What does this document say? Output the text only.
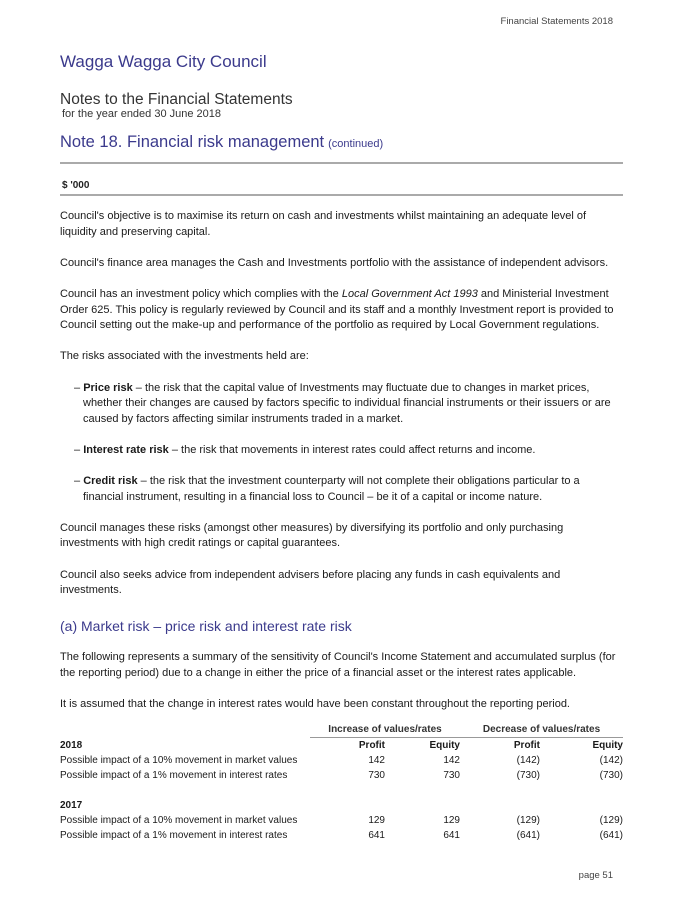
Financial Statements 2018
Wagga Wagga City Council
Notes to the Financial Statements
for the year ended 30 June 2018
Note 18. Financial risk management (continued)
$ '000

Council's objective is to maximise its return on cash and investments whilst maintaining an adequate level of liquidity and preserving capital.

Council's finance area manages the Cash and Investments portfolio with the assistance of independent advisors.

Council has an investment policy which complies with the Local Government Act 1993 and Ministerial Investment Order 625. This policy is regularly reviewed by Council and its staff and a monthly Investment report is provided to Council setting out the make-up and performance of the portfolio as required by Local Government regulations.

The risks associated with the investments held are:

– Price risk – the risk that the capital value of Investments may fluctuate due to changes in market prices, whether their changes are caused by factors specific to individual financial instruments or their issuers or are caused by factors affecting similar instruments traded in a market.
– Interest rate risk – the risk that movements in interest rates could affect returns and income.
– Credit risk – the risk that the investment counterparty will not complete their obligations particular to a financial instrument, resulting in a financial loss to Council – be it of a capital or income nature.

Council manages these risks (amongst other measures) by diversifying its portfolio and only purchasing investments with high credit ratings or capital guarantees.

Council also seeks advice from independent advisers before placing any funds in cash equivalents and investments.

(a) Market risk – price risk and interest rate risk

The following represents a summary of the sensitivity of Council's Income Statement and accumulated surplus (for the reporting period) due to a change in either the price of a financial asset or the interest rates applicable.

It is assumed that the change in interest rates would have been constant throughout the reporting period.

	Increase of values/rates		Decrease of values/rates	
2018	Profit	Equity	Profit	Equity
Possible impact of a 10% movement in market values	142	142	(142)	(142)
Possible impact of a 1% movement in interest rates	730	730	(730)	(730)

2017				
Possible impact of a 10% movement in market values	129	129	(129)	(129)
Possible impact of a 1% movement in interest rates	641	641	(641)	(641)
page 51
